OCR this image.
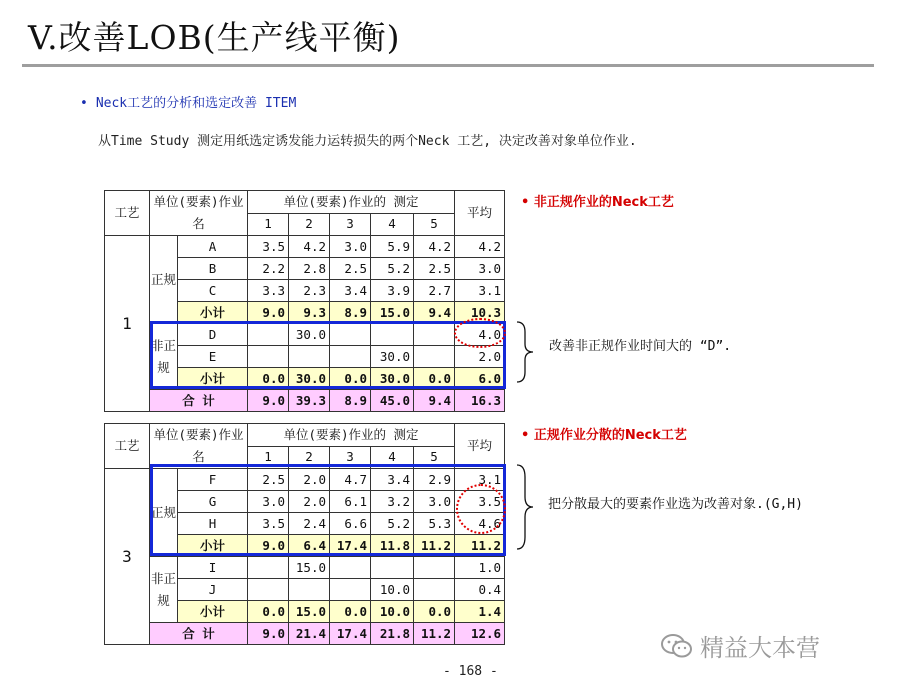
V.改善LOB(生产线平衡)
• Neck工艺的分析和选定改善 ITEM
从Time Study 测定用纸选定诱发能力运转损失的两个Neck 工艺, 决定改善对象单位作业.
工艺	单位(要素)作业名		单位(要素)作业的 测定					平均
			1	2	3	4	5	
1	正规	A	3.5	4.2	3.0	5.9	4.2	4.2
		B	2.2	2.8	2.5	5.2	2.5	3.0
		C	3.3	2.3	3.4	3.9	2.7	3.1
		小计	9.0	9.3	8.9	15.0	9.4	10.3
	非正规	D		30.0				4.0
		E				30.0		2.0
		小计	0.0	30.0	0.0	30.0	0.0	6.0
	合 计		9.0	39.3	8.9	45.0	9.4	16.3
工艺	单位(要素)作业名		单位(要素)作业的 测定					平均
			1	2	3	4	5	
3	正规	F	2.5	2.0	4.7	3.4	2.9	3.1
		G	3.0	2.0	6.1	3.2	3.0	3.5
		H	3.5	2.4	6.6	5.2	5.3	4.6
		小计	9.0	6.4	17.4	11.8	11.2	11.2
	非正规	I		15.0				1.0
		J				10.0		0.4
		小计	0.0	15.0	0.0	10.0	0.0	1.4
	合 计		9.0	21.4	17.4	21.8	11.2	12.6
• 非正规作业的Neck工艺
• 正规作业分散的Neck工艺
改善非正规作业时间大的 “D”.
把分散最大的要素作业选为改善对象.(G,H)
- 168 -
精益大本营
